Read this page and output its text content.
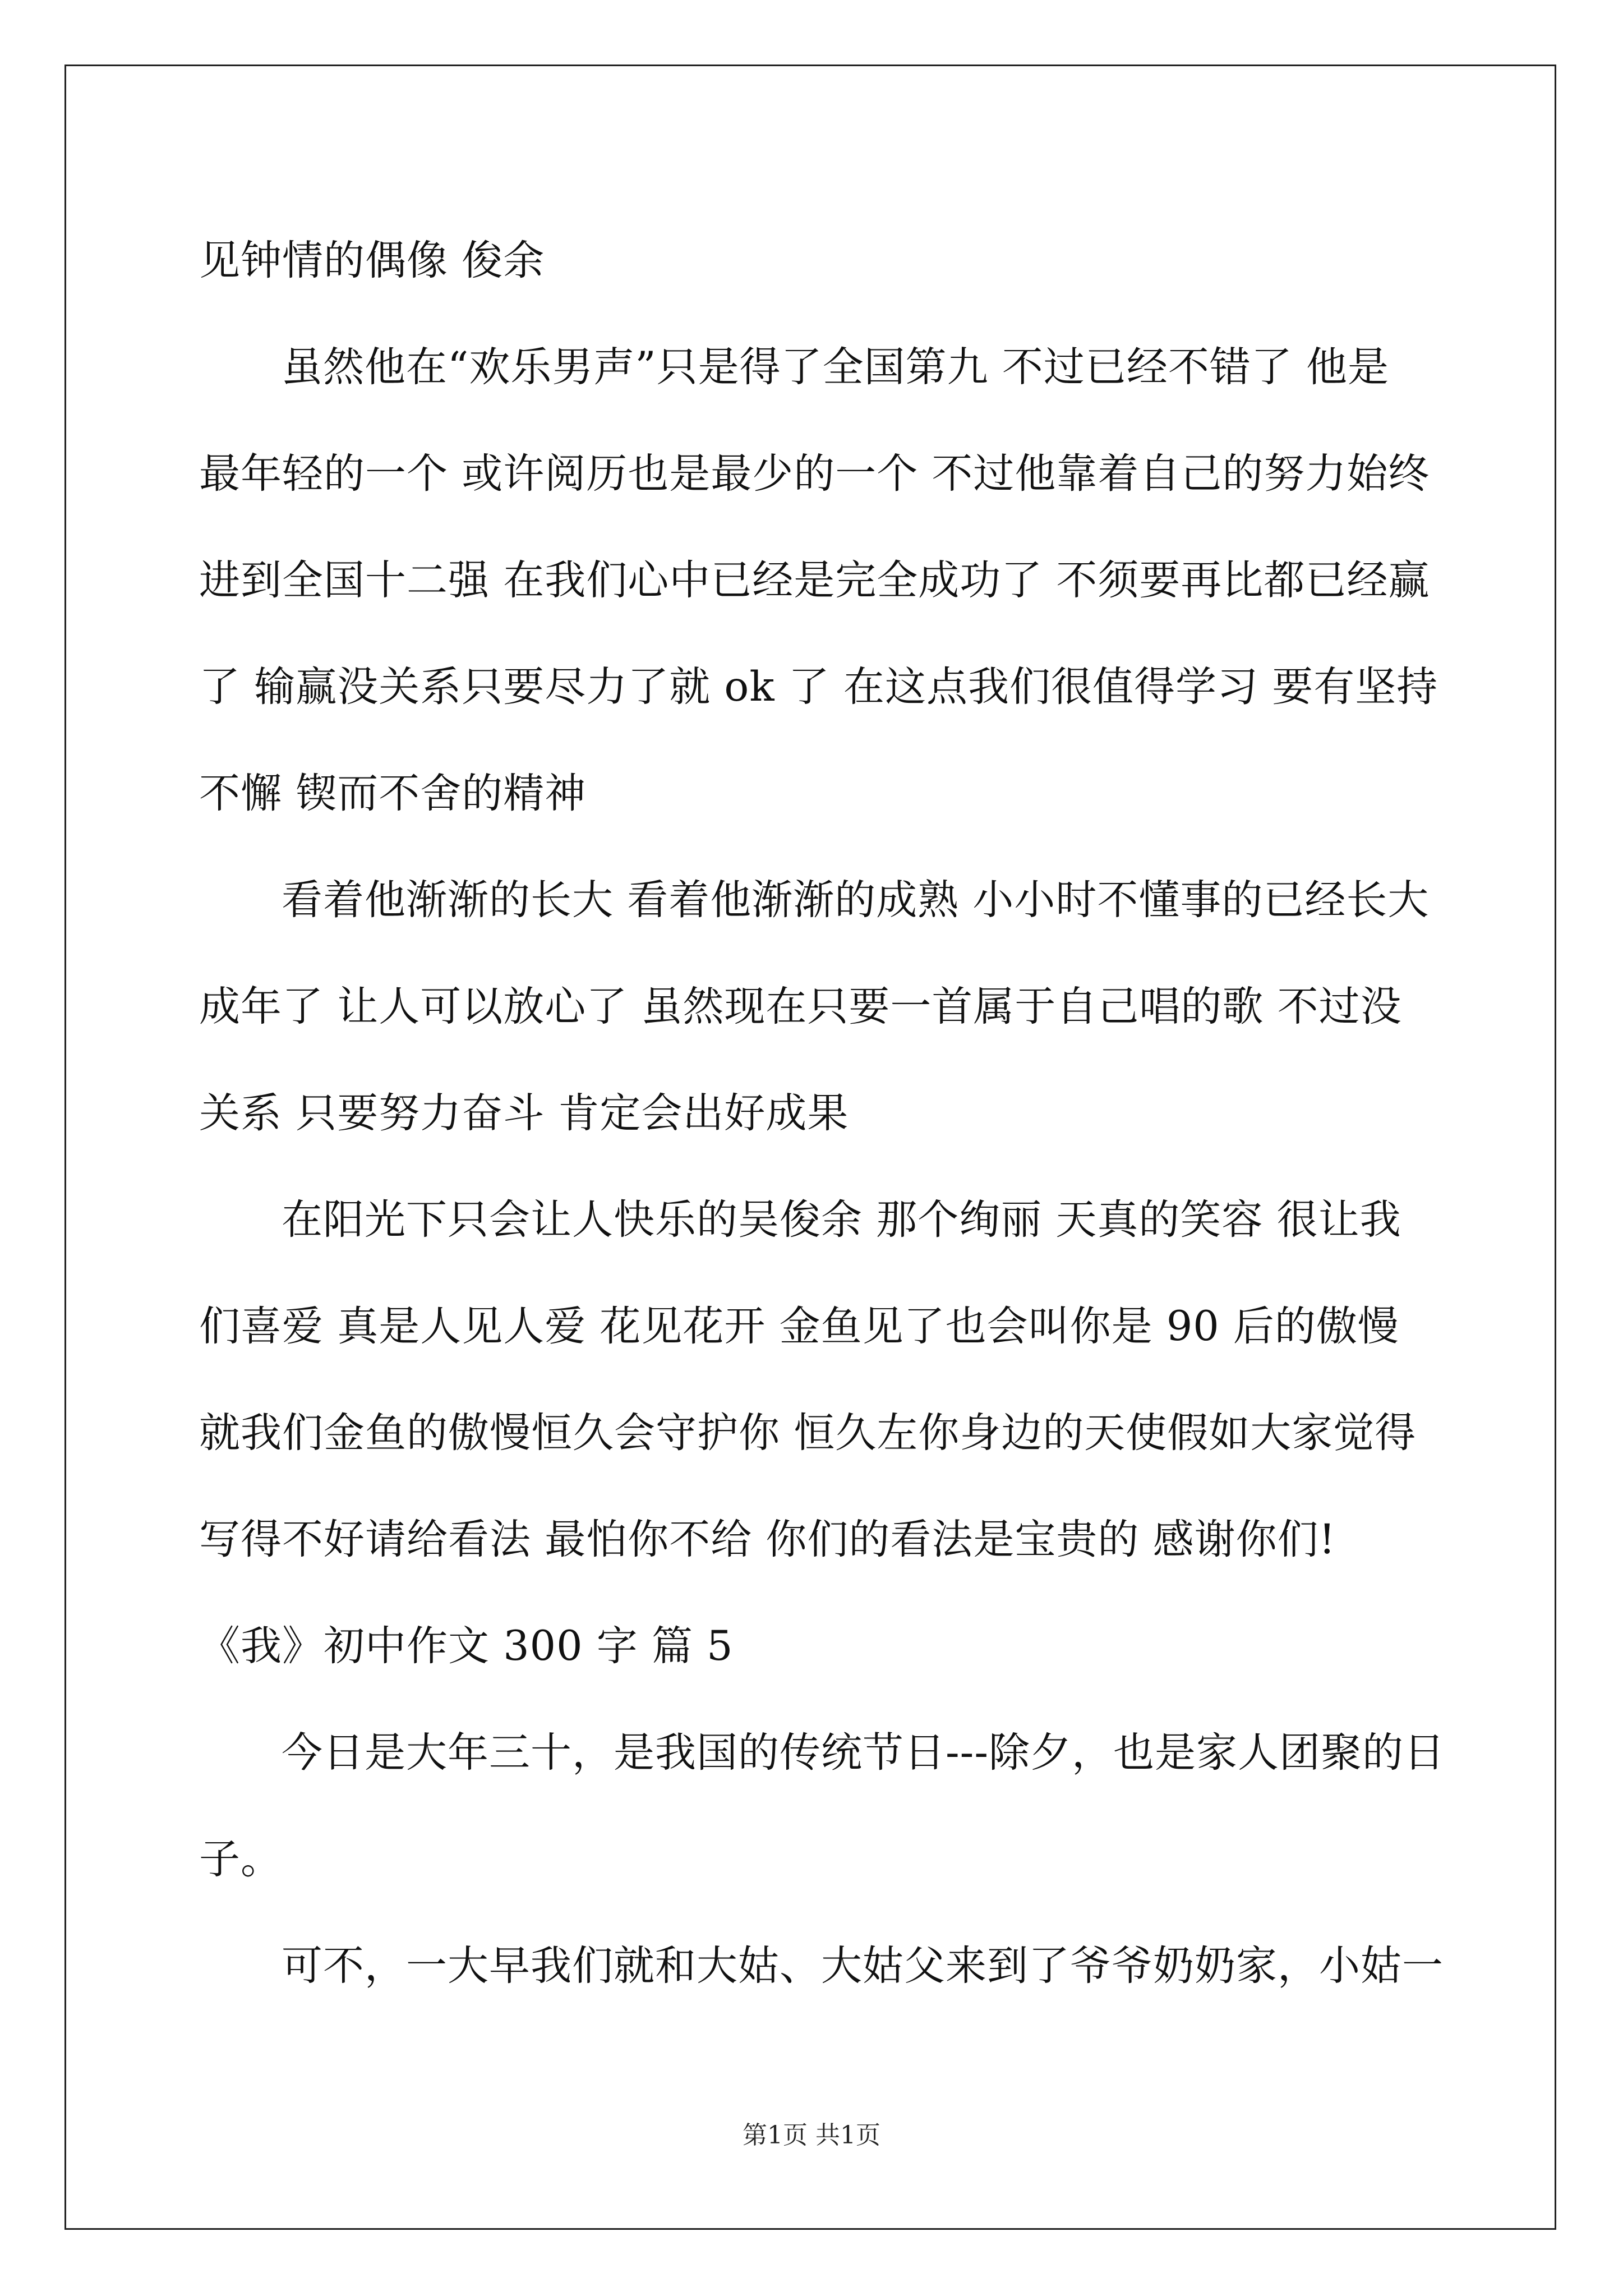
见钟情的偶像 俊余
虽然他在“欢乐男声”只是得了全国第九 不过已经不错了 他是
最年轻的一个 或许阅历也是最少的一个 不过他靠着自己的努力始终
进到全国十二强 在我们心中已经是完全成功了 不须要再比都已经赢
了 输赢没关系只要尽力了就 ok 了 在这点我们很值得学习 要有坚持
不懈 锲而不舍的精神
看着他渐渐的长大 看着他渐渐的成熟 小小时不懂事的已经长大
成年了 让人可以放心了 虽然现在只要一首属于自己唱的歌 不过没
关系 只要努力奋斗 肯定会出好成果
在阳光下只会让人快乐的吴俊余 那个绚丽 天真的笑容 很让我
们喜爱 真是人见人爱 花见花开 金鱼见了也会叫你是 90 后的傲慢
就我们金鱼的傲慢恒久会守护你 恒久左你身边的天使假如大家觉得
写得不好请给看法 最怕你不给 你们的看法是宝贵的 感谢你们!
《我》初中作文 300 字 篇 5
今日是大年三十，是我国的传统节日---除夕，也是家人团聚的日
子。
可不，一大早我们就和大姑、大姑父来到了爷爷奶奶家，小姑一
第1页 共1页
